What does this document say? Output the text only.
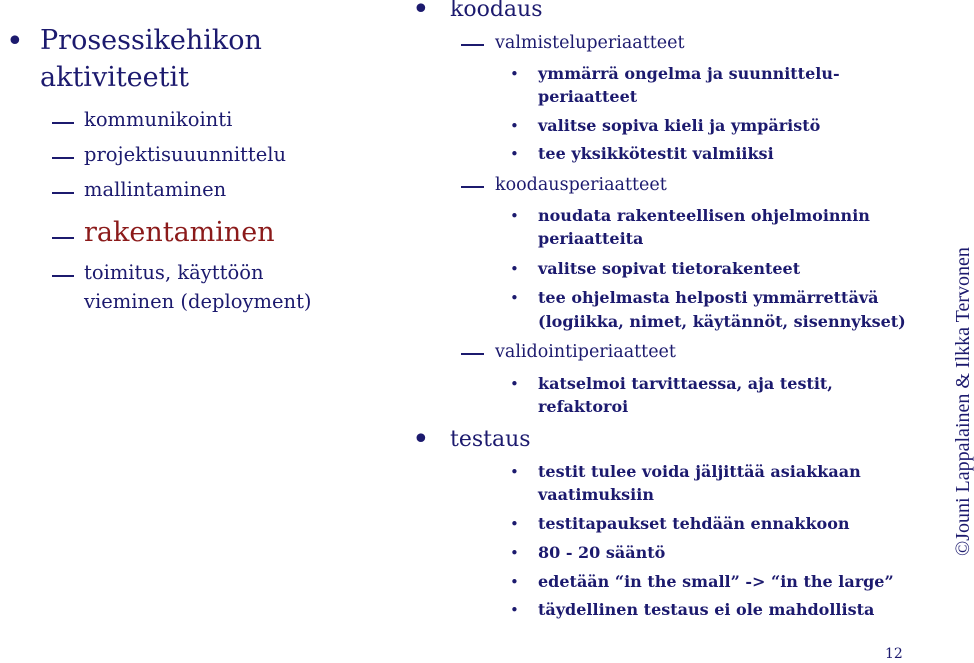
• Prosessikehikon
aktiviteetit
kommunikointi
projektisuuunnittelu
mallintaminen
rakentaminen
toimitus, käyttöön
vieminen (deployment)
• koodaus
valmisteluperiaatteet
• ymmärrä ongelma ja suunnittelu-
periaatteet
• valitse sopiva kieli ja ympäristö
• tee yksikkötestit valmiiksi
koodausperiaatteet
• noudata rakenteellisen ohjelmoinnin
periaatteita
• valitse sopivat tietorakenteet
• tee ohjelmasta helposti ymmärrettävä
(logiikka, nimet, käytännöt, sisennykset)
validointiperiaatteet
• katselmoi tarvittaessa, aja testit,
refaktoroi
• testaus
• testit tulee voida jäljittää asiakkaan
vaatimuksiin
• testitapaukset tehdään ennakkoon
• 80 - 20 sääntö
• edetään “in the small” -> “in the large”
• täydellinen testaus ei ole mahdollista
©Jouni Lappalainen & Ilkka Tervonen
12
